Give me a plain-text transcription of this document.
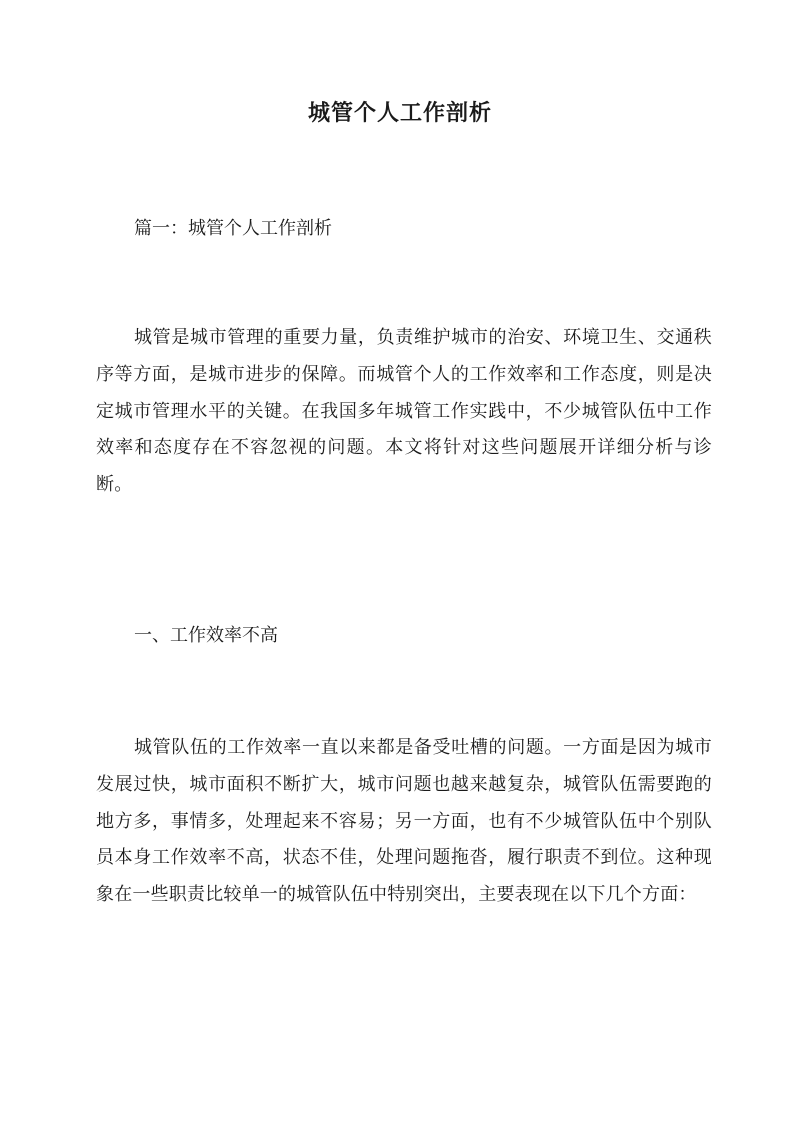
城管个人工作剖析
篇一：城管个人工作剖析
城管是城市管理的重要力量，负责维护城市的治安、环境卫生、交通秩序等方面，是城市进步的保障。而城管个人的工作效率和工作态度，则是决定城市管理水平的关键。在我国多年城管工作实践中，不少城管队伍中工作效率和态度存在不容忽视的问题。本文将针对这些问题展开详细分析与诊断。
一、工作效率不高
城管队伍的工作效率一直以来都是备受吐槽的问题。一方面是因为城市发展过快，城市面积不断扩大，城市问题也越来越复杂，城管队伍需要跑的地方多，事情多，处理起来不容易；另一方面，也有不少城管队伍中个别队员本身工作效率不高，状态不佳，处理问题拖沓，履行职责不到位。这种现象在一些职责比较单一的城管队伍中特别突出，主要表现在以下几个方面：
